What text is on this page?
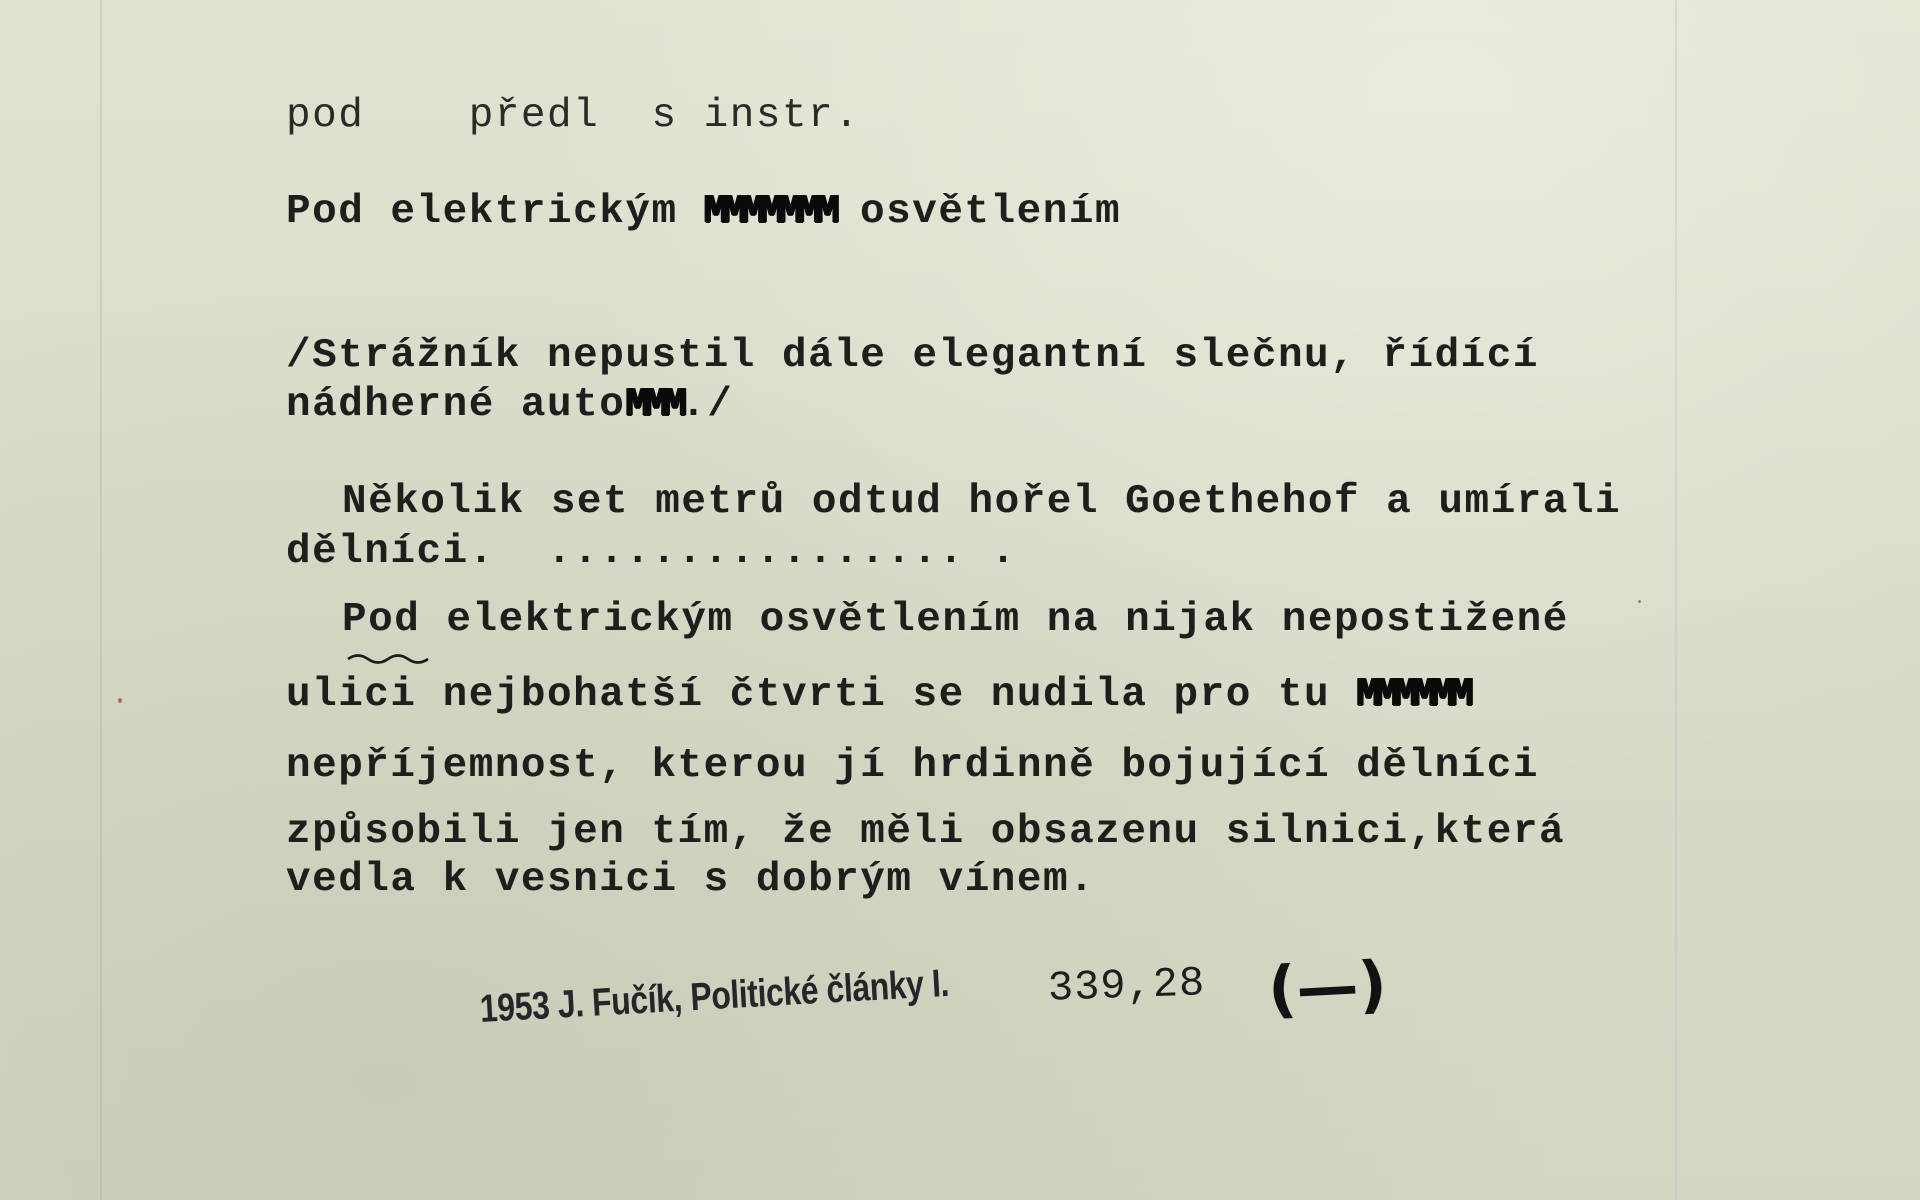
pod    předl  s instr.

Pod elektrickým MMMMMMM osvětlením

/Strážník nepustil dále elegantní slečnu, řídící

nádherné autoMMM./

Několik set metrů odtud hořel Goethehof a umírali

dělníci.  ................ .

Pod elektrickým osvětlením na nijak nepostižené

ulici nejbohatší čtvrti se nudila pro tu MMMMMM

nepříjemnost, kterou jí hrdinně bojující dělníci

způsobili jen tím, že měli obsazenu silnici,která

vedla k vesnici s dobrým vínem.

1953 J. Fučík, Politické články I. 339,28 (—)
